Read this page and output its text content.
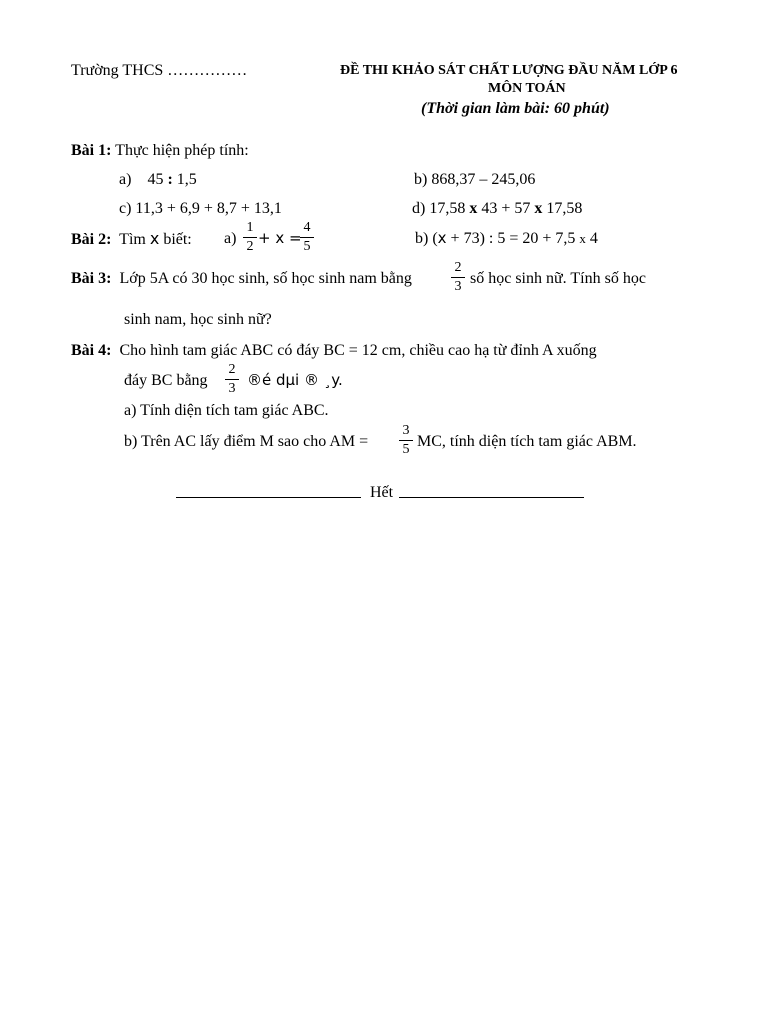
Trường THCS ……………	ĐỀ THI KHẢO SÁT CHẤT LƯỢNG ĐẦU NĂM LỚP 6
MÔN TOÁN
(Thời gian làm bài: 60 phút)
Bài 1: Thực hiện phép tính:
a) 45 : 1,5	b) 868,37 – 245,06
c) 11,3 + 6,9 + 8,7 + 13,1	d) 17,58 x 43 + 57 x 17,58
Bài 2: Tìm x biết: a)
1
2 + x =
4
5	b) (x + 73) : 5 = 20 + 7,5 x 4
Bài 3: Lớp 5A có 30 học sinh, số học sinh nam bằng
2
3 số học sinh nữ. Tính số học
sinh nam, học sinh nữ?
Bài 4: Cho hình tam giác ABC có đáy BC = 12 cm, chiều cao hạ từ đỉnh A xuống
đáy BC bằng
2
3 ®é dµi ® ¸y.
a) Tính diện tích tam giác ABC.
b) Trên AC lấy điểm M sao cho AM =
3
5 MC, tính diện tích tam giác ABM.
Hết
